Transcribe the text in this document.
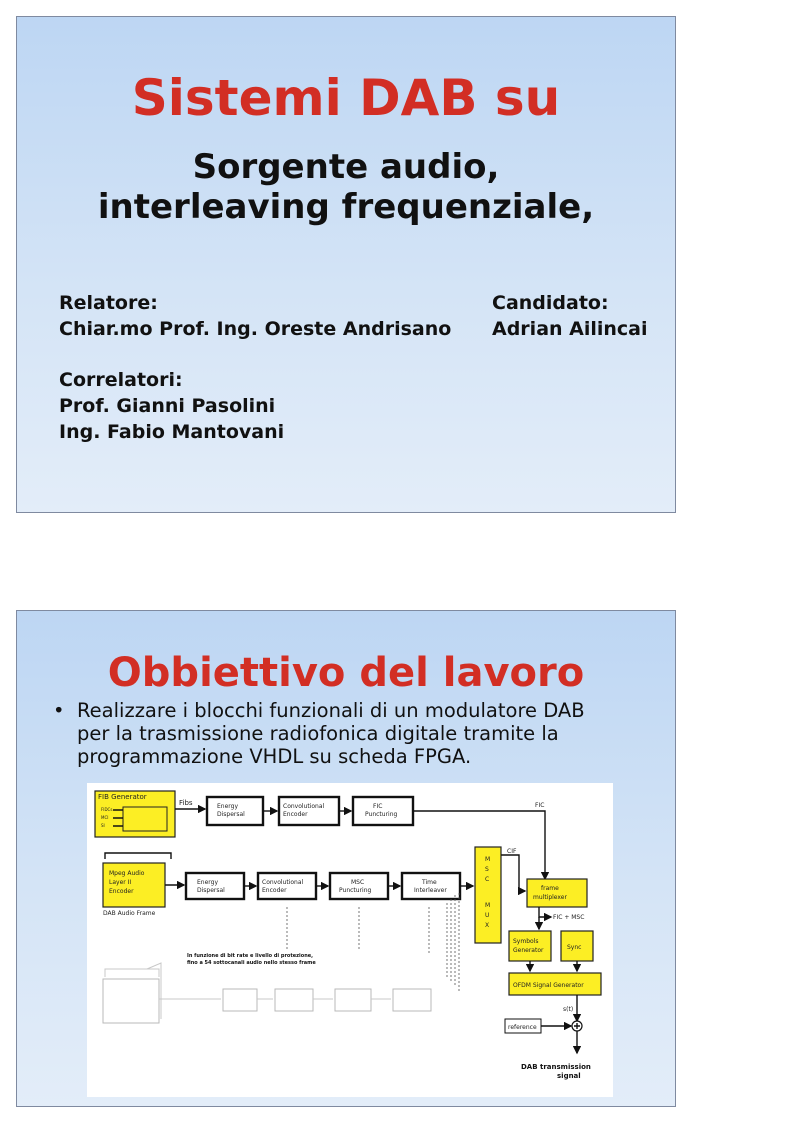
Sistemi DAB su
Sorgente audio,
interleaving frequenziale,
Relatore:
Chiar.mo Prof. Ing. Oreste Andrisano
Candidato:
Adrian Ailincai
Correlatori:
Prof. Gianni Pasolini
Ing. Fabio Mantovani
Obbiettivo del lavoro
• Realizzare i blocchi funzionali di un modulatore DAB
per la trasmissione radiofonica digitale tramite la
programmazione VHDL su scheda FPGA.
FIB Generator
FIDCs
MCI
SI
Fibs	Energy
Dispersal
Convolutional
Encoder
FIC
Puncturing
FIC
Mpeg Audio
Layer II
Encoder
DAB Audio Frame
Energy
Dispersal
Convolutional
Encoder
MSC
Puncturing
Time
Interleaver
M
S
C
M
U
X
CIF
frame
multiplexer
FIC + MSC
Symbols
Generator	Sync
OFDM Signal Generator
s(t)
reference
DAB transmission
signal
In funzione di bit rate e livello di protezione,
fino a 54 sottocanali audio nello stesso frame
